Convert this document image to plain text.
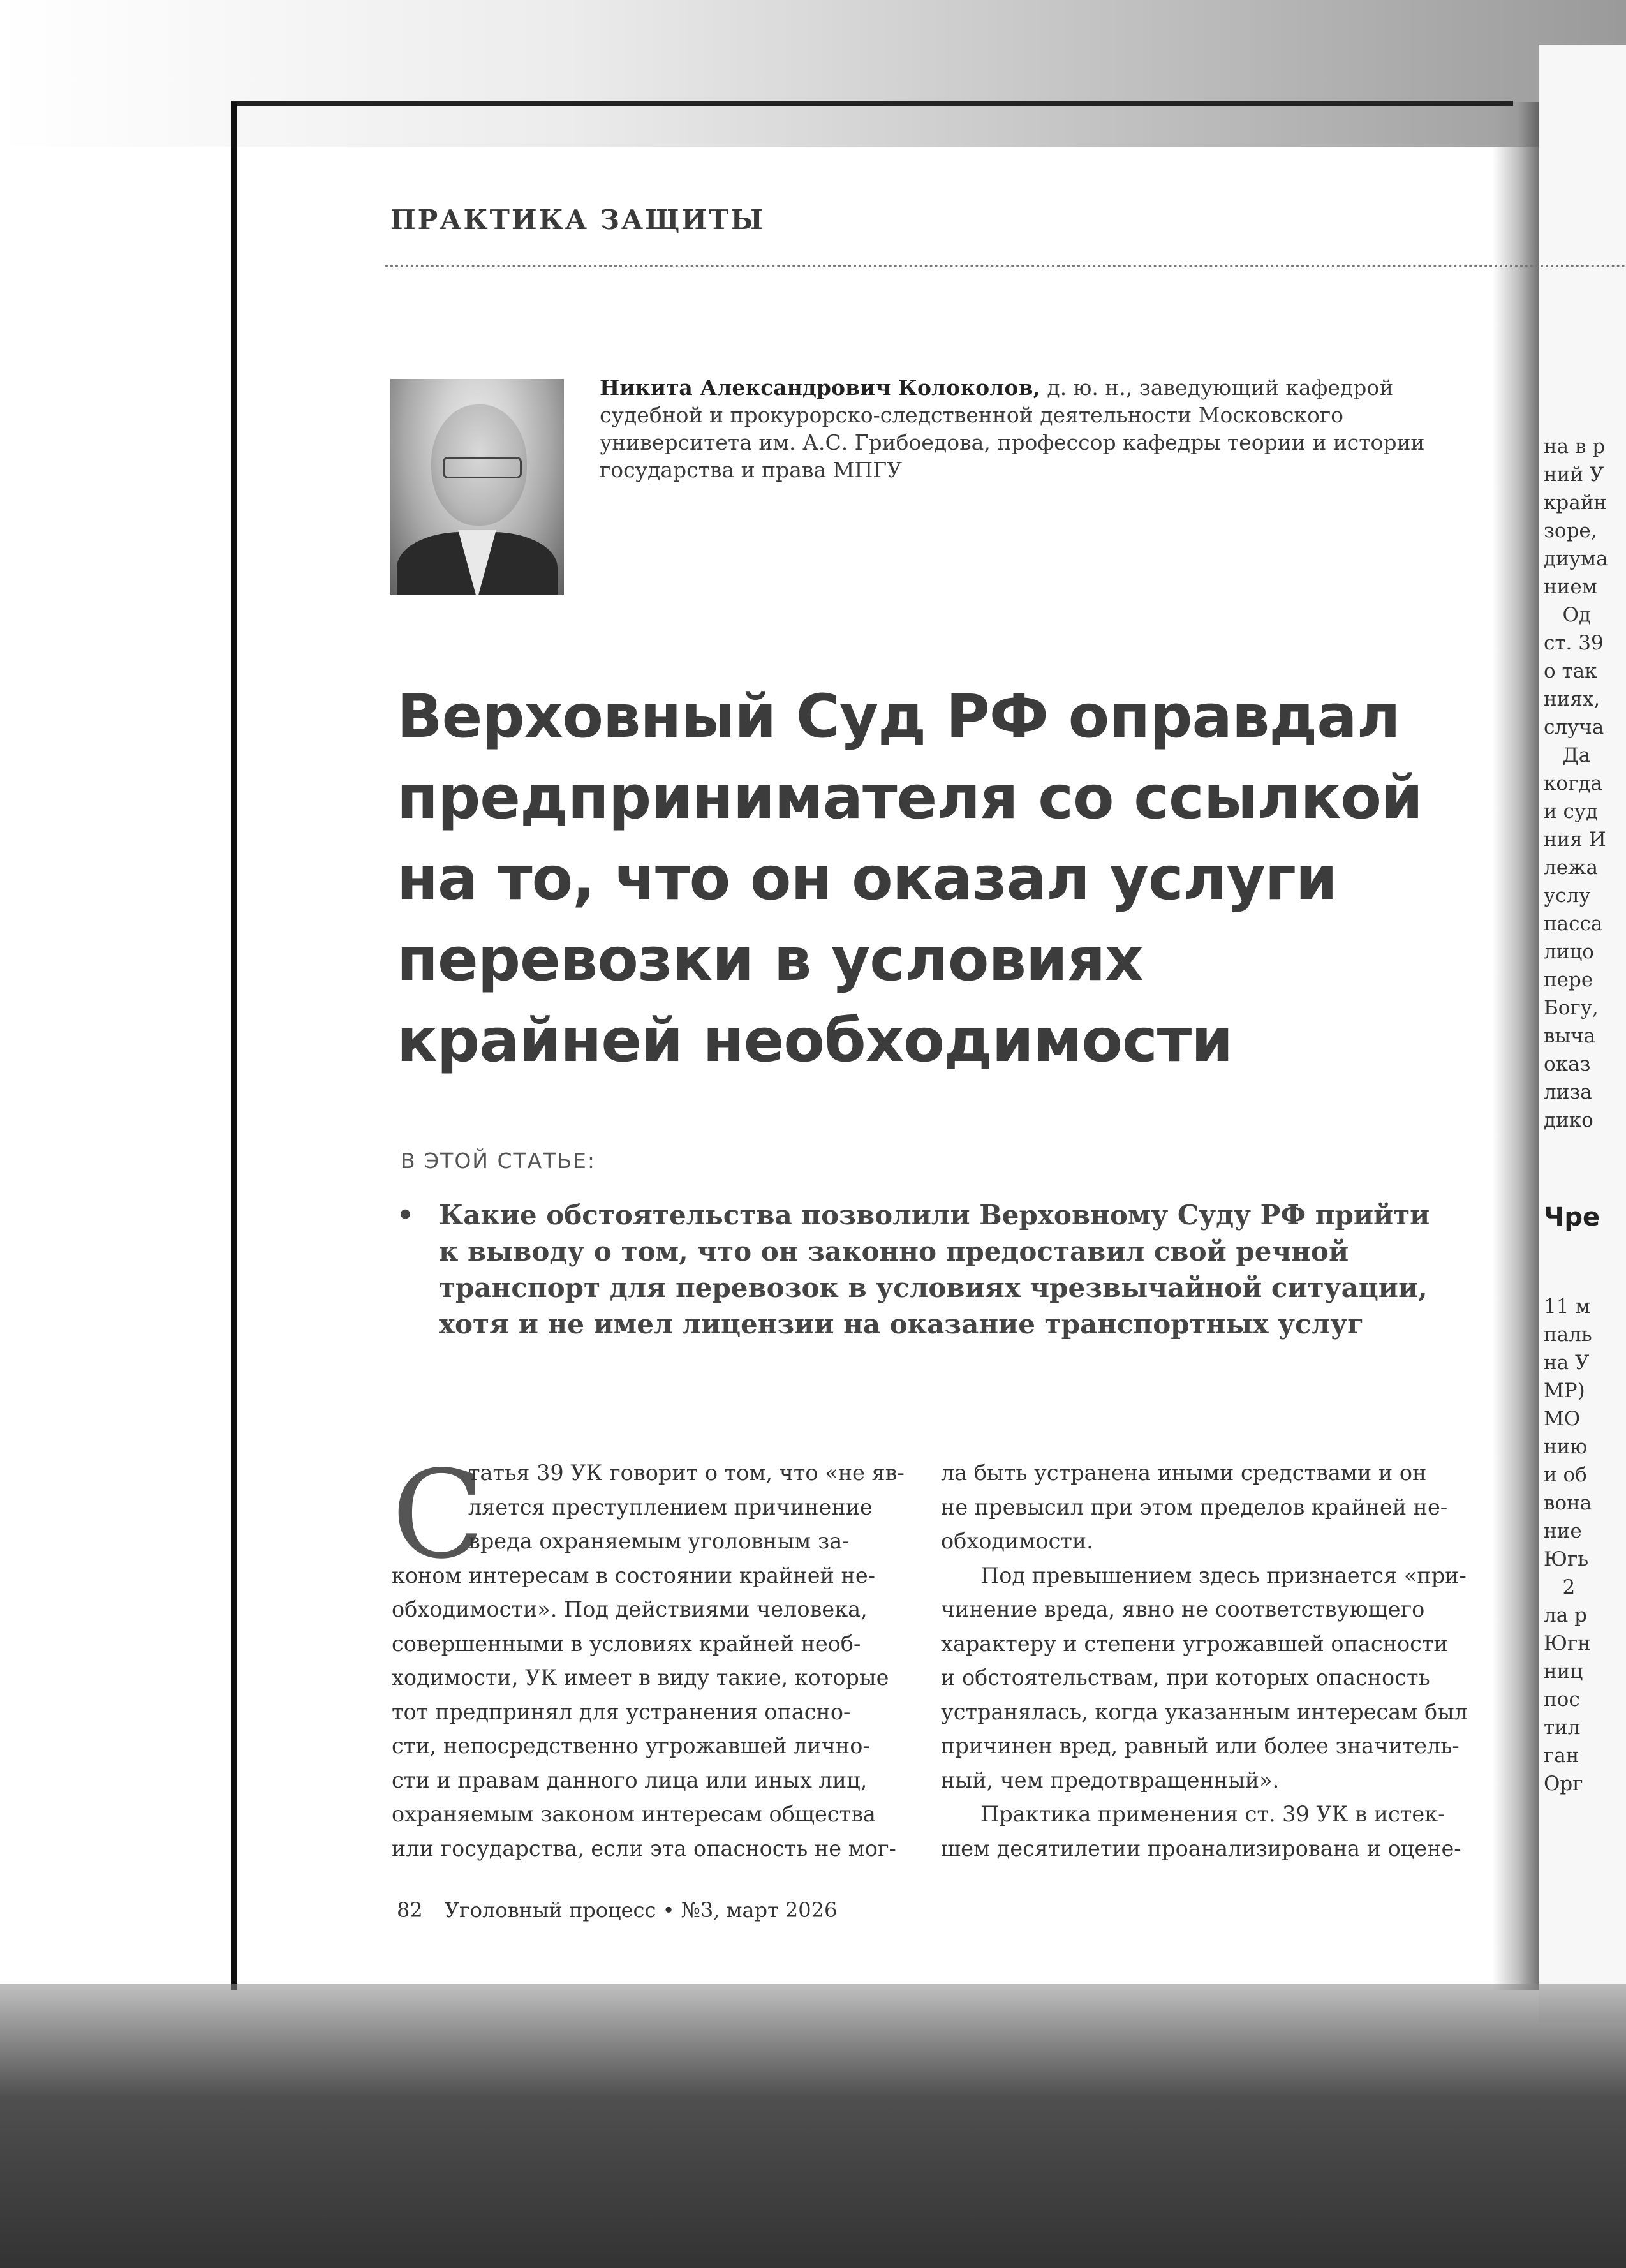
на в р
ний У
крайн
зоре,
диума
нием
Од
ст. 39
о так
ниях,
случа
Да
когда
и суд
ния И
лежа
услу
пасса
лицо
пере
Богу,
выча
оказ
лиза
дико

Чре

11 м
паль
на У
МР)
МО
нию
и об
вона
ние
Югь
2
ла р
Югн
ниц
пос
тил
ган
Орг

ПРАКТИКА ЗАЩИТЫ
Никита Александрович Колоколов, д. ю. н., заведующий кафедрой
судебной и прокурорско-следственной деятельности Московского
университета им. А.С. Грибоедова, профессор кафедры теории и истории
государства и права МПГУ
Верховный Суд РФ оправдал
предпринимателя со ссылкой
на то, что он оказал услуги
перевозки в условиях
крайней необходимости
В ЭТОЙ СТАТЬЕ:
• Какие обстоятельства позволили Верховному Суду РФ прийти
к выводу о том, что он законно предоставил свой речной
транспорт для перевозок в условиях чрезвычайной ситуации,
хотя и не имел лицензии на оказание транспортных услуг
С
татья 39 УК говорит о том, что «не яв-
ляется преступлением причинение
вреда охраняемым уголовным за-
коном интересам в состоянии крайней не-
обходимости». Под действиями человека,
совершенными в условиях крайней необ-
ходимости, УК имеет в виду такие, которые
тот предпринял для устранения опасно-
сти, непосредственно угрожавшей лично-
сти и правам данного лица или иных лиц,
охраняемым законом интересам общества
или государства, если эта опасность не мог-
ла быть устранена иными средствами и он
не превысил при этом пределов крайней не-
обходимости.
Под превышением здесь признается «при-
чинение вреда, явно не соответствующего
характеру и степени угрожавшей опасности
и обстоятельствам, при которых опасность
устранялась, когда указанным интересам был
причинен вред, равный или более значитель-
ный, чем предотвращенный».
Практика применения ст. 39 УК в истек-
шем десятилетии проанализирована и оцене-
82 Уголовный процесс • №3, март 2026
